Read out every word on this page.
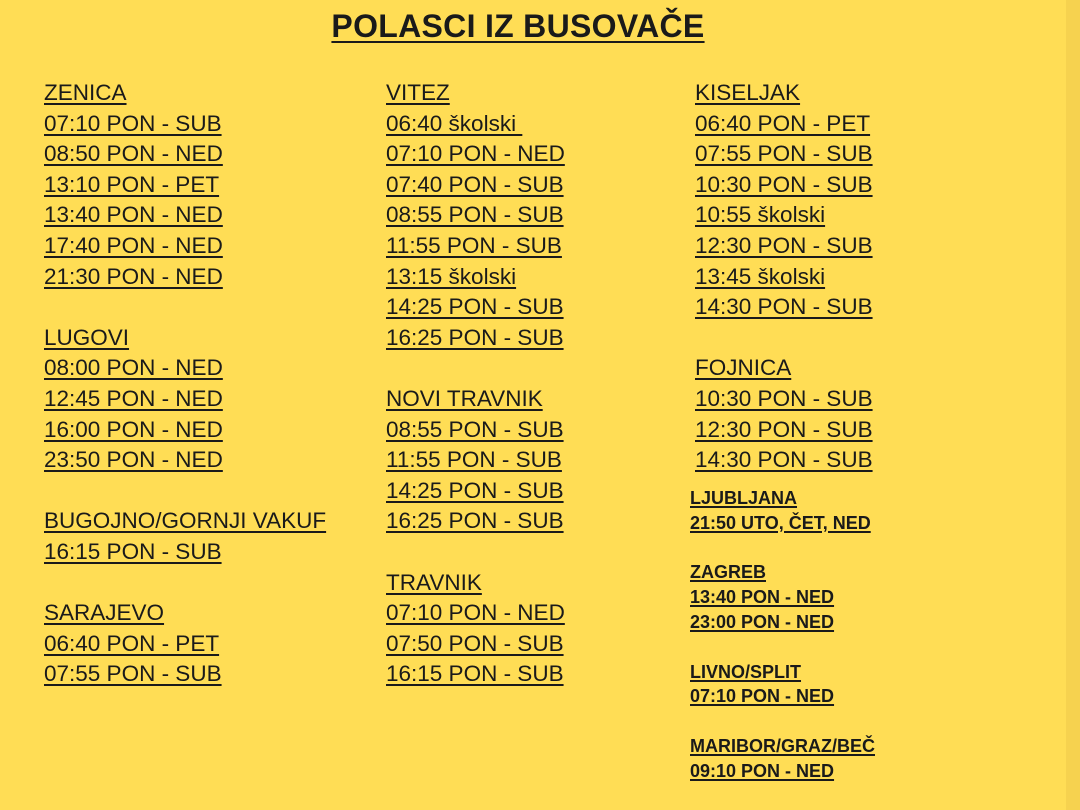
POLASCI IZ BUSOVAČE
ZENICA
07:10 PON - SUB
08:50 PON - NED
13:10 PON - PET
13:40 PON - NED
17:40 PON - NED
21:30 PON - NED
LUGOVI
08:00 PON - NED
12:45 PON - NED
16:00 PON - NED
23:50 PON - NED
BUGOJNO/GORNJI VAKUF
16:15 PON - SUB
SARAJEVO
06:40 PON - PET
07:55 PON - SUB
VITEZ
06:40 školski
07:10 PON - NED
07:40 PON - SUB
08:55 PON - SUB
11:55 PON - SUB
13:15 školski
14:25 PON - SUB
16:25 PON - SUB
NOVI TRAVNIK
08:55 PON - SUB
11:55 PON - SUB
14:25 PON - SUB
16:25 PON - SUB
TRAVNIK
07:10 PON - NED
07:50 PON - SUB
16:15 PON - SUB
KISELJAK
06:40 PON - PET
07:55 PON - SUB
10:30 PON - SUB
10:55 školski
12:30 PON - SUB
13:45 školski
14:30 PON - SUB
FOJNICA
10:30 PON - SUB
12:30 PON - SUB
14:30 PON - SUB
LJUBLJANA
21:50 UTO, ČET, NED
ZAGREB
13:40 PON - NED
23:00 PON - NED
LIVNO/SPLIT
07:10 PON - NED
MARIBOR/GRAZ/BEČ
09:10 PON - NED
